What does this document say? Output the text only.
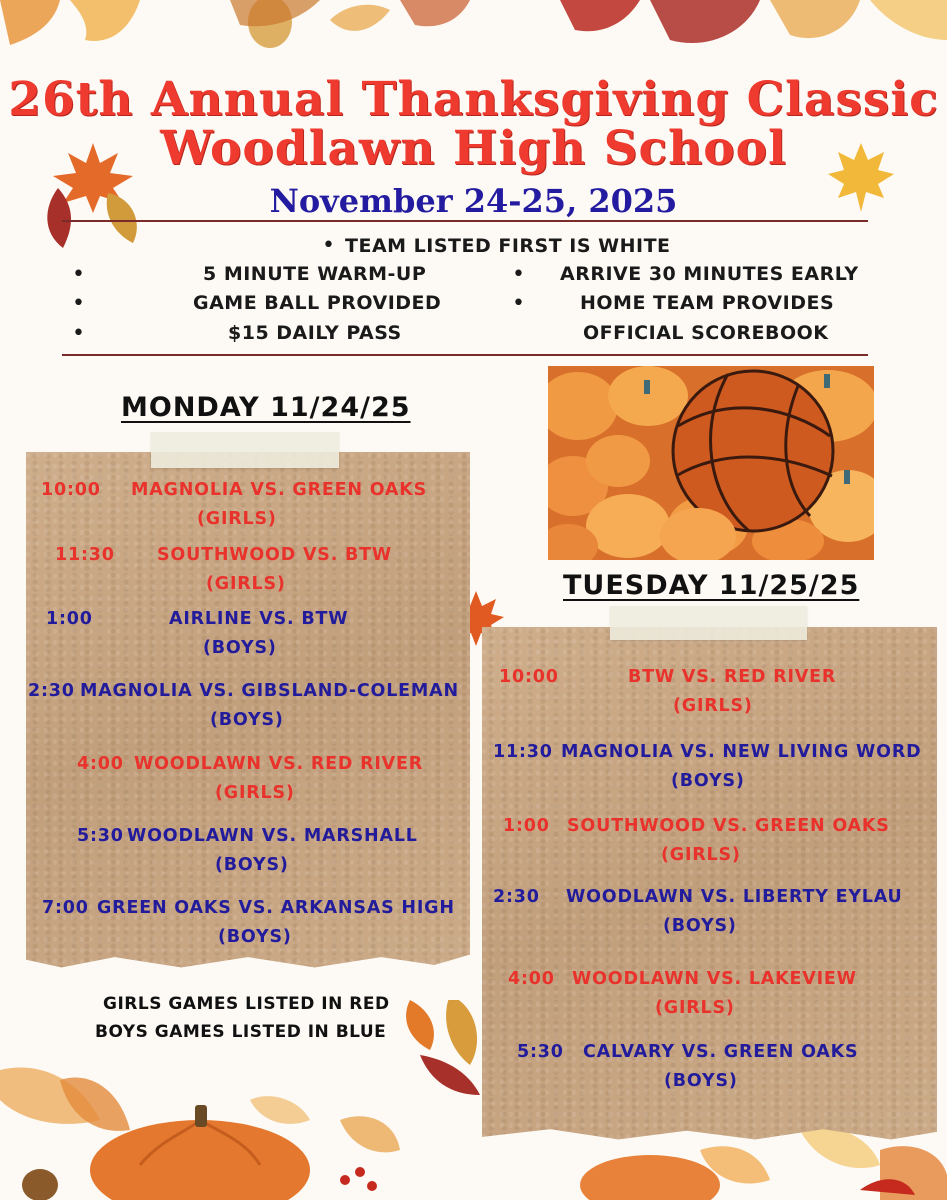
26th Annual Thanksgiving Classic
Woodlawn High School
November 24-25, 2025
• TEAM LISTED FIRST IS WHITE
•	5 MINUTE WARM-UP
•	GAME BALL PROVIDED
•	$15 DAILY PASS
• ARRIVE 30 MINUTES EARLY
•	HOME TEAM PROVIDES
OFFICIAL SCOREBOOK
MONDAY 11/24/25
10:00 MAGNOLIA VS. GREEN OAKS
(GIRLS)
11:30 SOUTHWOOD VS. BTW
(GIRLS)
1:00	AIRLINE VS. BTW
(BOYS)
2:30 MAGNOLIA VS. GIBSLAND-COLEMAN
(BOYS)
4:00 WOODLAWN VS. RED RIVER
(GIRLS)
5:30 WOODLAWN VS. MARSHALL
(BOYS)
7:00 GREEN OAKS VS. ARKANSAS HIGH
(BOYS)
TUESDAY 11/25/25
10:00	BTW VS. RED RIVER
(GIRLS)
11:30 MAGNOLIA VS. NEW LIVING WORD
(BOYS)
1:00 SOUTHWOOD VS. GREEN OAKS
(GIRLS)
2:30 WOODLAWN VS. LIBERTY EYLAU
(BOYS)
4:00 WOODLAWN VS. LAKEVIEW
(GIRLS)
5:30 CALVARY VS. GREEN OAKS
(BOYS)
GIRLS GAMES LISTED IN RED
BOYS GAMES LISTED IN BLUE
